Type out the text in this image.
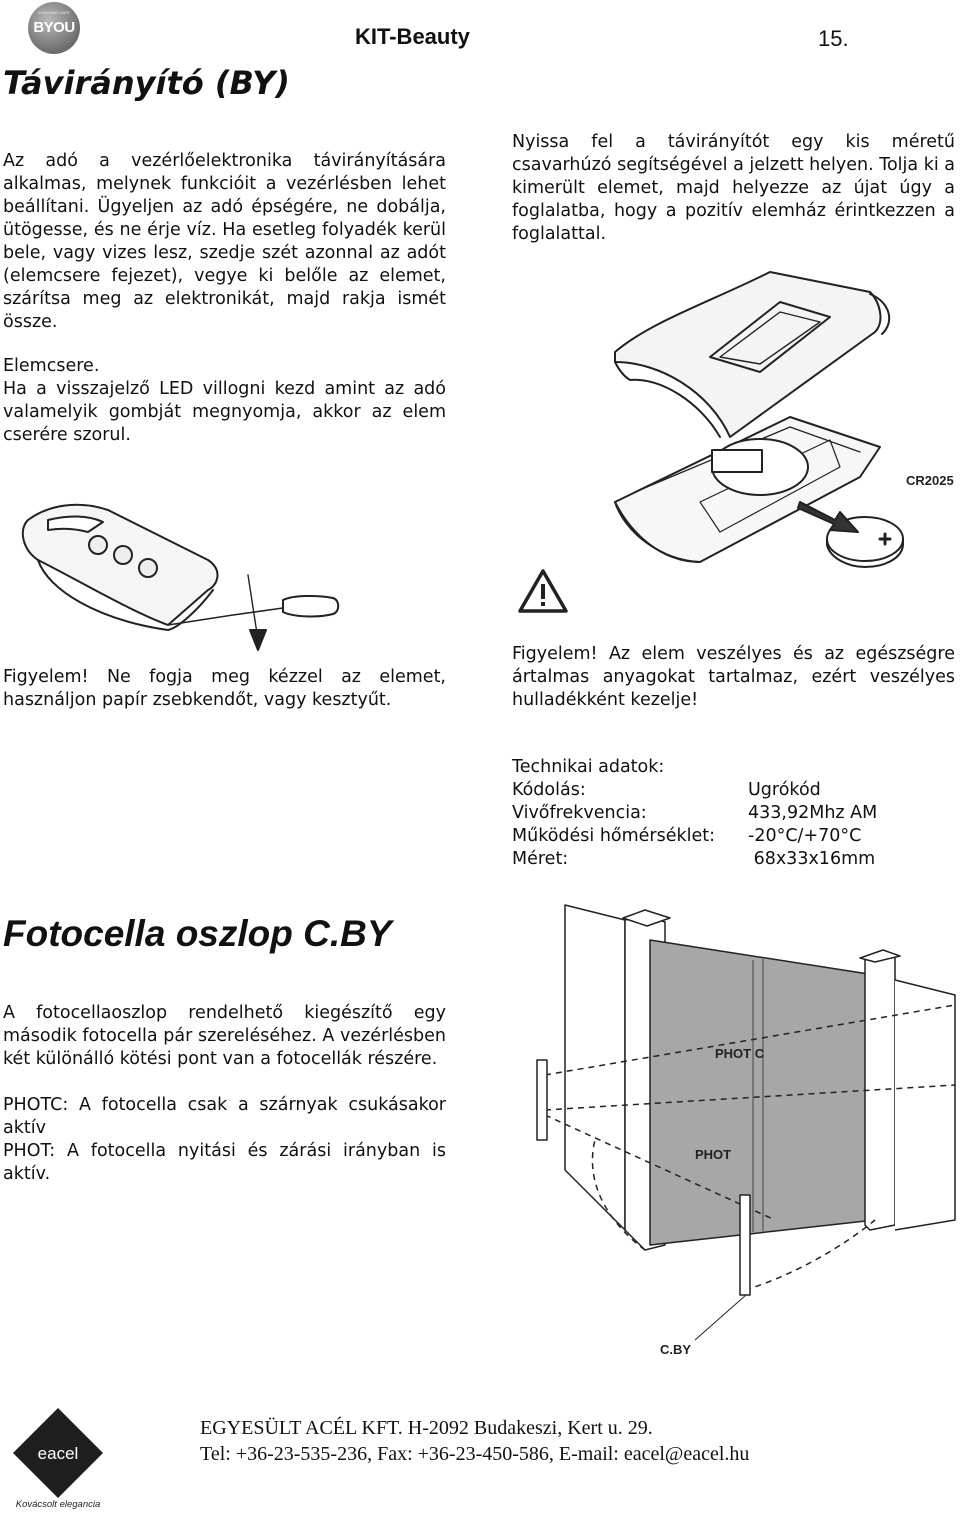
EVOLVING GATE
BYOU	KIT-Beauty	15.
Távirányító (BY)
Az adó a vezérlőelektronika távirányítására alkalmas, melynek funkcióit a vezérlésben lehet beállítani. Ügyeljen az adó épségére, ne dobálja, ütögesse, és ne érje víz. Ha esetleg folyadék kerül bele, vagy vizes lesz, szedje szét azonnal az adót (elemcsere fejezet), vegye ki belőle az elemet, szárítsa meg az elektronikát, majd rakja ismét össze.
Elemcsere.
Ha a visszajelző LED villogni kezd amint az adó valamelyik gombját megnyomja, akkor az elem cserére szorul.
Nyissa fel a távirányítót egy kis méretű csavarhúzó segítségével a jelzett helyen. Tolja ki a kimerült elemet, majd helyezze az újat úgy a foglalatba, hogy a pozitív elemház érintkezzen a foglalattal.
CR2025
Figyelem! Ne fogja meg kézzel az elemet, használjon papír zsebkendőt, vagy kesztyűt.
Figyelem! Az elem veszélyes és az egészségre ártalmas anyagokat tartalmaz, ezért veszélyes hulladékként kezelje!
Technikai adatok:
Kódolás:	Ugrókód
Vivőfrekvencia:	433,92Mhz AM
Működési hőmérséklet:	-20°C/+70°C
Méret:	68x33x16mm
Fotocella oszlop C.BY
A fotocellaoszlop rendelhető kiegészítő egy második fotocella pár szereléséhez. A vezérlésben két különálló kötési pont van a fotocellák részére.
PHOTC: A fotocella csak a szárnyak csukásakor aktív
PHOT: A fotocella nyitási és zárási irányban is aktív.
PHOT C
PHOT
C.BY
eacel
Kovácsolt elegancia
EGYESÜLT ACÉL KFT. H-2092 Budakeszi, Kert u. 29.
Tel: +36-23-535-236, Fax: +36-23-450-586, E-mail: eacel@eacel.hu
